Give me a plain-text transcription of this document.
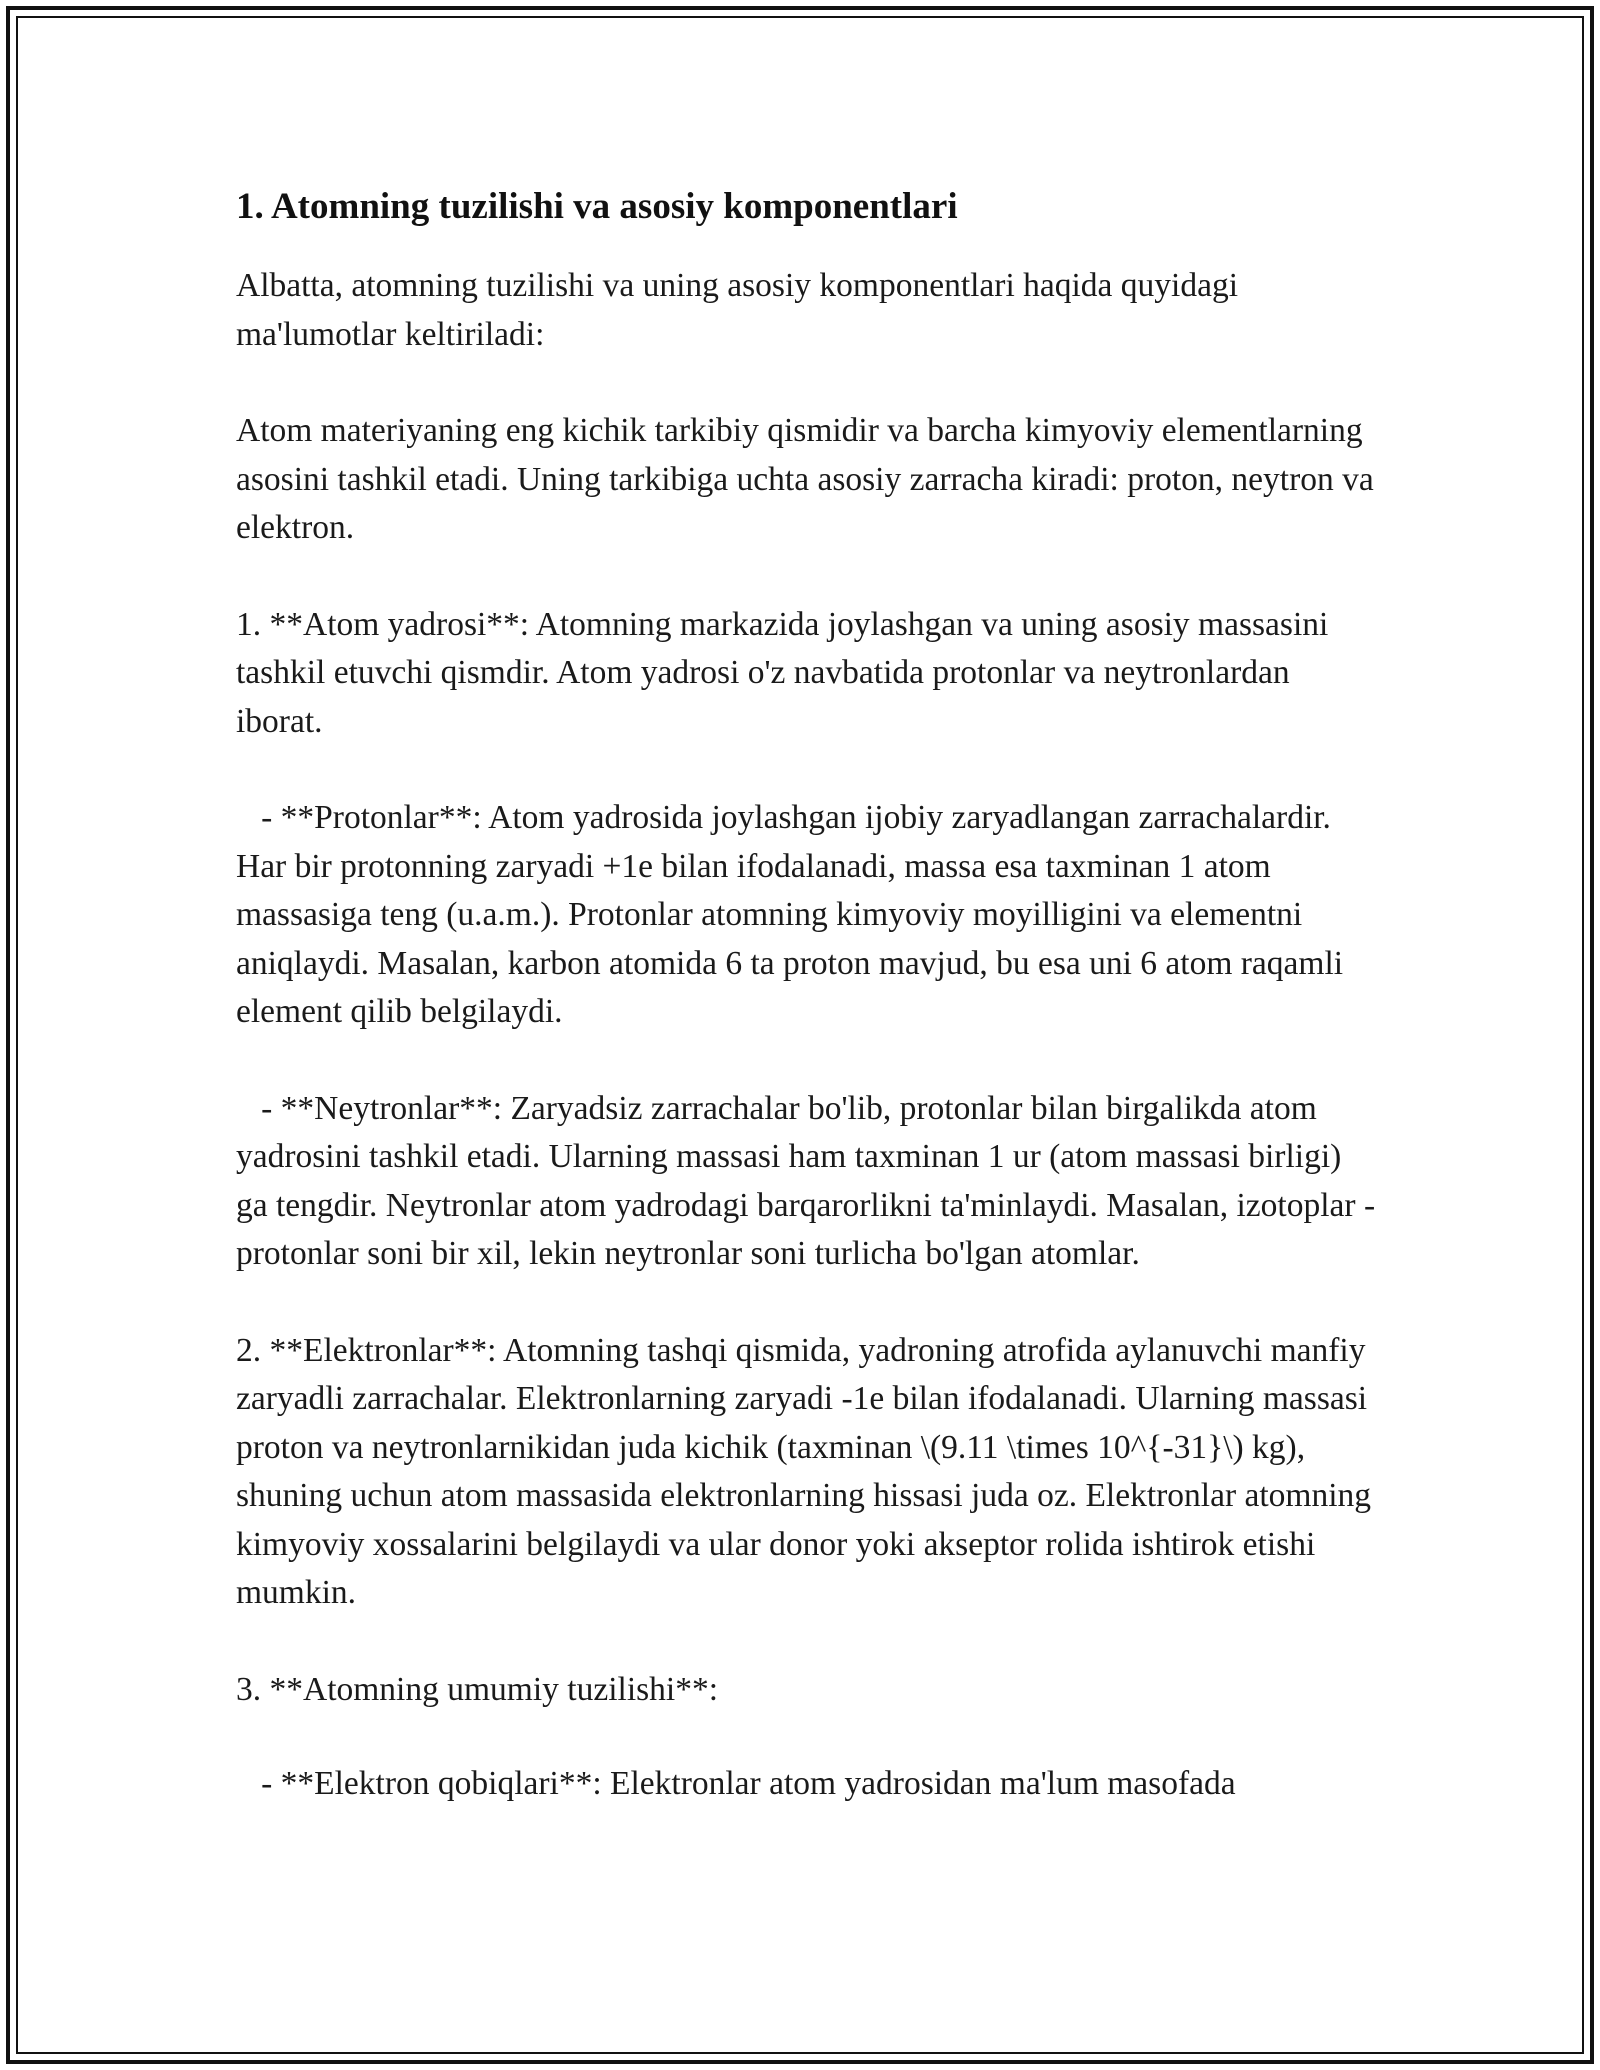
1. Atomning tuzilishi va asosiy komponentlari

Albatta, atomning tuzilishi va uning asosiy komponentlari haqida quyidagi ma'lumotlar keltiriladi:

Atom materiyaning eng kichik tarkibiy qismidir va barcha kimyoviy elementlarning asosini tashkil etadi. Uning tarkibiga uchta asosiy zarracha kiradi: proton, neytron va elektron.

1. **Atom yadrosi**: Atomning markazida joylashgan va uning asosiy massasini tashkil etuvchi qismdir. Atom yadrosi o'z navbatida protonlar va neytronlardan iborat.

- **Protonlar**: Atom yadrosida joylashgan ijobiy zaryadlangan zarrachalardir. Har bir protonning zaryadi +1e bilan ifodalanadi, massa esa taxminan 1 atom massasiga teng (u.a.m.). Protonlar atomning kimyoviy moyilligini va elementni aniqlaydi. Masalan, karbon atomida 6 ta proton mavjud, bu esa uni 6 atom raqamli element qilib belgilaydi.

- **Neytronlar**: Zaryadsiz zarrachalar bo'lib, protonlar bilan birgalikda atom yadrosini tashkil etadi. Ularning massasi ham taxminan 1 ur (atom massasi birligi) ga tengdir. Neytronlar atom yadrodagi barqarorlikni ta'minlaydi. Masalan, izotoplar - protonlar soni bir xil, lekin neytronlar soni turlicha bo'lgan atomlar.

2. **Elektronlar**: Atomning tashqi qismida, yadroning atrofida aylanuvchi manfiy zaryadli zarrachalar. Elektronlarning zaryadi -1e bilan ifodalanadi. Ularning massasi proton va neytronlarnikidan juda kichik (taxminan \(9.11 \times 10^{-31}\) kg), shuning uchun atom massasida elektronlarning hissasi juda oz. Elektronlar atomning kimyoviy xossalarini belgilaydi va ular donor yoki akseptor rolida ishtirok etishi mumkin.

3. **Atomning umumiy tuzilishi**:

- **Elektron qobiqlari**: Elektronlar atom yadrosidan ma'lum masofada
